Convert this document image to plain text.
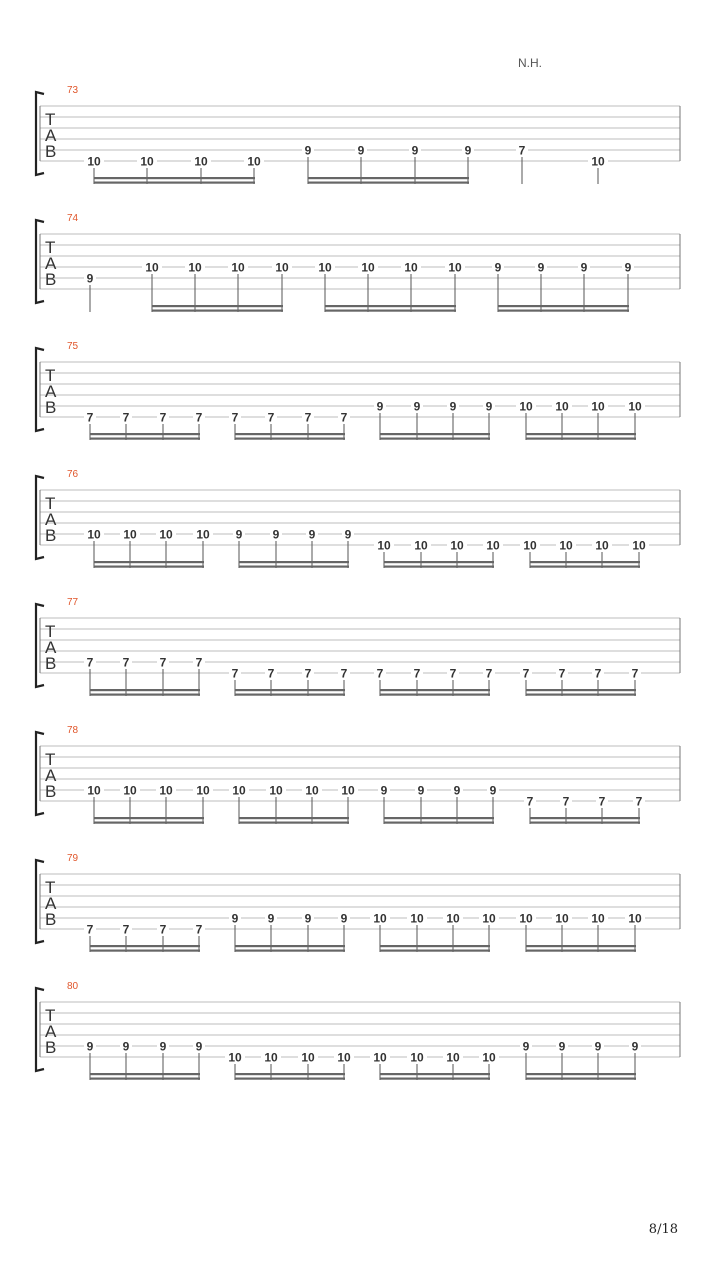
73
T
A
B
10	10	10	10
9	9	9	9	7
10
74
T
A
B	9
10 10 10	10 10 10 10	10	9	9	9	9
75
T
A
B
7 7	7 7 7 7	7 7
9	9 9 9 10 10 10 10
76
T
A
B	10 10 10 10 9	9 9 9
10 10 10 10 10 10 10 10
77
T
A
B	7 7	7 7
7 7	7 7 7	7 7 7	7 7 7	7
78
T
A
B	10 10 10 10 10 10 10 10 9	9 9 9
7 7 7	7
79
T
A
B
7 7	7 7
9 9	9 9 10 10 10 10 10 10 10 10
80
T
A
B	9 9	9 9
10 10 10 10 10 10 10 10
9 9 9	9
N.H.
8/18
